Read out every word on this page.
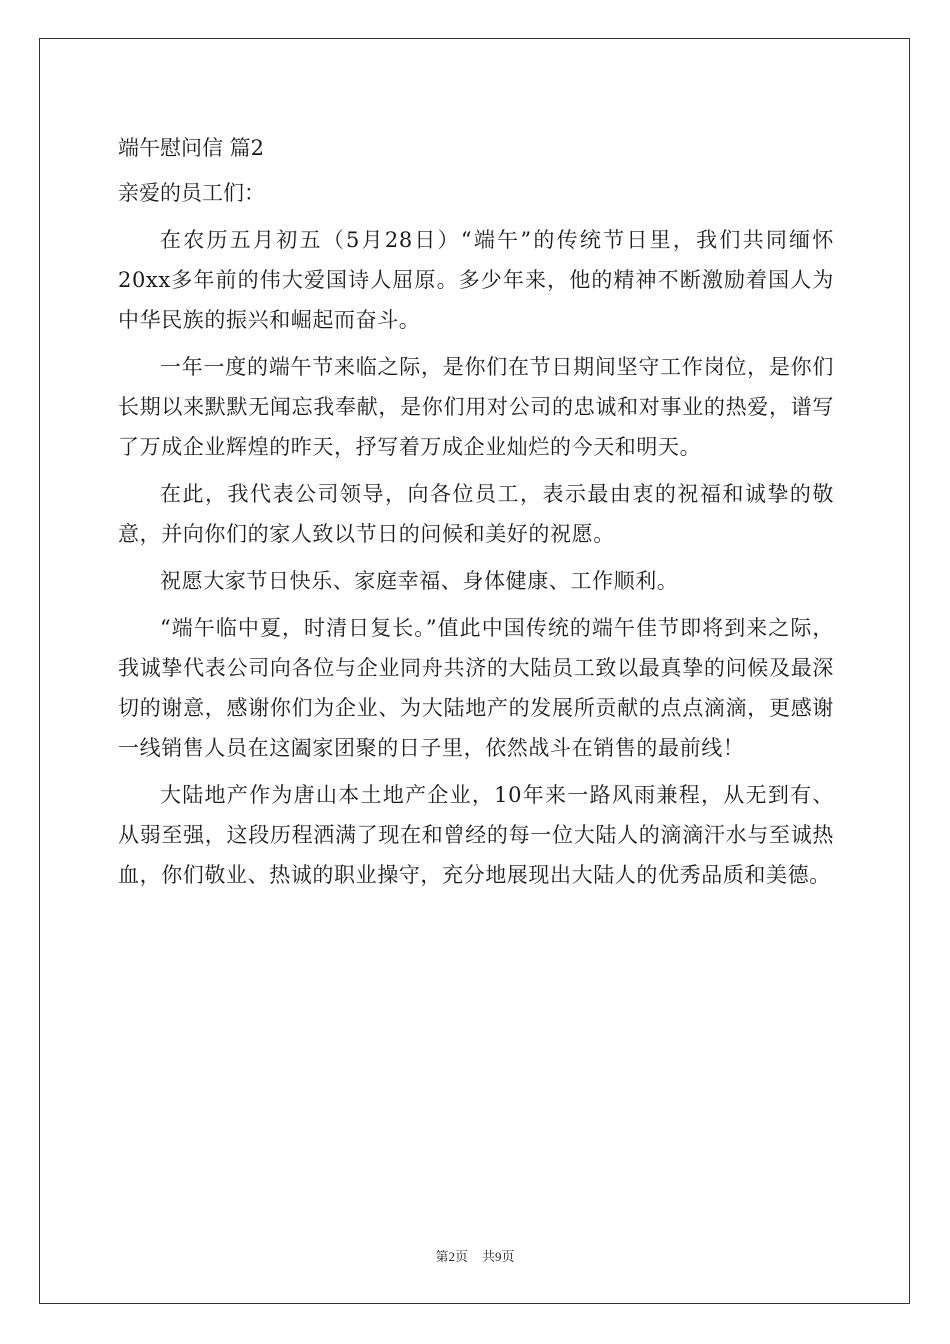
端午慰问信 篇2

亲爱的员工们：

在农历五月初五（5月28日）“端午”的传统节日里，我们共同缅怀20xx多年前的伟大爱国诗人屈原。多少年来，他的精神不断激励着国人为中华民族的振兴和崛起而奋斗。

一年一度的端午节来临之际，是你们在节日期间坚守工作岗位，是你们长期以来默默无闻忘我奉献，是你们用对公司的忠诚和对事业的热爱，谱写了万成企业辉煌的昨天，抒写着万成企业灿烂的今天和明天。

在此，我代表公司领导，向各位员工，表示最由衷的祝福和诚挚的敬意，并向你们的家人致以节日的问候和美好的祝愿。

祝愿大家节日快乐、家庭幸福、身体健康、工作顺利。

“端午临中夏，时清日复长。”值此中国传统的端午佳节即将到来之际，我诚挚代表公司向各位与企业同舟共济的大陆员工致以最真挚的问候及最深切的谢意，感谢你们为企业、为大陆地产的发展所贡献的点点滴滴，更感谢一线销售人员在这阖家团聚的日子里，依然战斗在销售的最前线！

大陆地产作为唐山本土地产企业，10年来一路风雨兼程，从无到有、从弱至强，这段历程洒满了现在和曾经的每一位大陆人的滴滴汗水与至诚热血，你们敬业、热诚的职业操守，充分地展现出大陆人的优秀品质和美德。

第2页 共9页
